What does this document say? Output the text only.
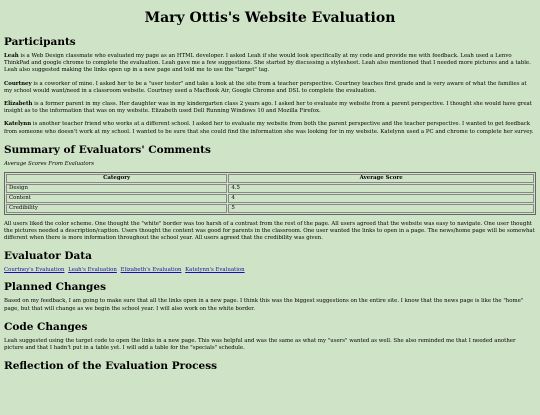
Mary Ottis's Website Evaluation
Participants

Leah is a Web Design classmate who evaluated my page as an HTML developer. I asked Leah if she would look specifically at my code and provide me with feedback. Leah used a Lenvo ThinkPad and google chrome to complete the evaluation. Leah gave me a few suggestions. She started by discussing a stylesheet. Leah also mentioned that I needed more pictures and a table. Leah also suggested making the links open up in a new page and told me to use the "target" tag.

Courtney is a coworker of mine. I asked her to be a "user tester" and take a look at the site from a teacher perspective. Courtney teaches first grade and is very aware of what the families at my school would want/need in a classroom website. Courtney used a MacBook Air, Google Chrome and DSL to complete the evaluation.

Elizabeth is a former parent in my class. Her daughter was in my kindergarten class 2 years ago. I asked her to evaluate my website from a parent perspective. I thought she would have great insight as to the information that was on my website. Elizabeth used Dell Running Windows 10 and Mozilla Firefox.

Katelynn is another teacher friend who works at a different school. I asked her to evaluate my website from both the parent perspective and the teacher perspective. I wanted to get feedback from someone who doesn't work at my school. I wanted to be sure that she could find the information she was looking for in my website. Katelynn used a PC and chrome to complete her survey.

Summary of Evaluators' Comments
Average Scores From Evaluators
Category	Average Score
Design	4.5
Content	4
Credibility	5

All users liked the color scheme. One thought the "white" border was too harsh of a contrast from the rest of the page. All users agreed that the website was easy to navigate. One user thought the pictures needed a description/caption. Users thought the content was good for parents in the classroom. One user wanted the links to open in a page. The news/home page will be somewhat different when there is more information throughout the school year. All users agreed that the credibility was given.

Evaluator Data
Courtney's Evaluation Leah's Evaluation Elizabeth's Evaluation Katelynn's Evaluation
Planned Changes

Based on my feedback, I am going to make sure that all the links open in a new page. I think this was the biggest suggestions on the entire site. I know that the news page is like the "home" page, but that will change as we begin the school year. I will also work on the white border.

Code Changes

Leah suggested using the target code to open the links in a new page. This was helpful and was the same as what my "users" wanted as well. She also reminded me that I needed another picture and that I hadn't put in a table yet. I will add a table for the "specials" schedule.

Reflection of the Evaluation Process
